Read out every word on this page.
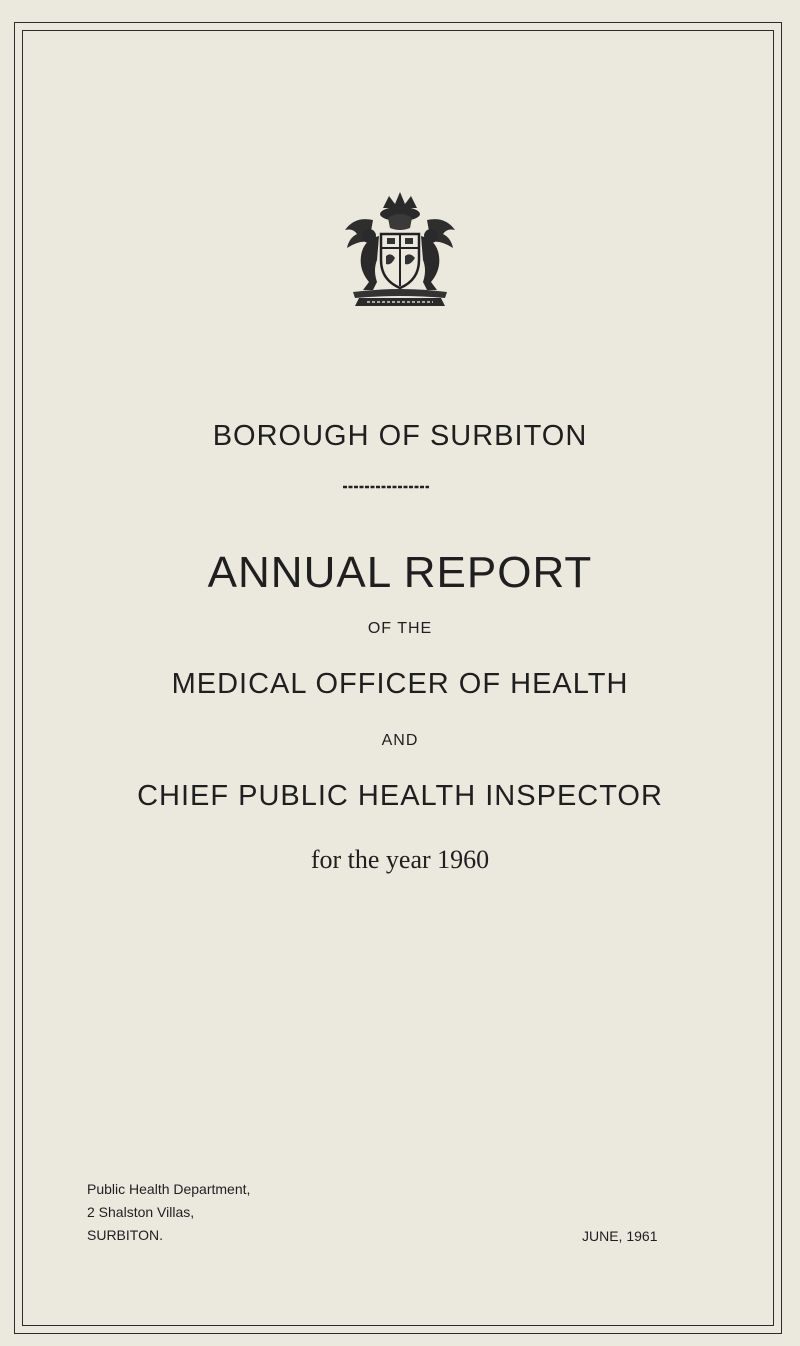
BOROUGH OF SURBITON
ANNUAL REPORT
OF THE
MEDICAL OFFICER OF HEALTH
AND
CHIEF PUBLIC HEALTH INSPECTOR
for the year 1960
Public Health Department,
2 Shalston Villas,
SURBITON.	JUNE, 1961
